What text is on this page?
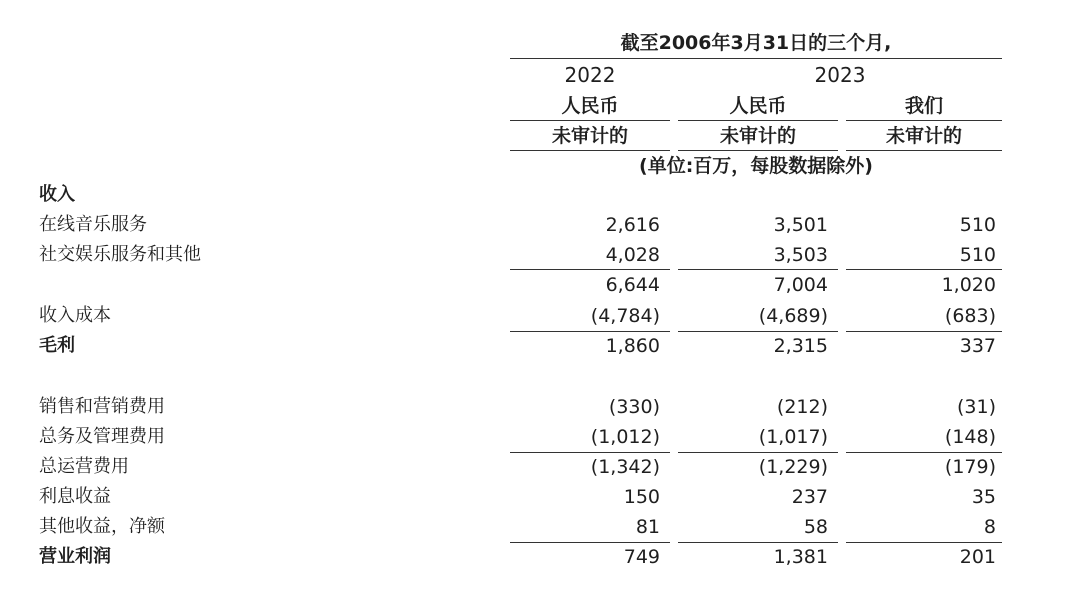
截至2006年3月31日的三个月,
2022	2023
人民币	人民币	我们
未审计的	未审计的	未审计的
(单位:百万，每股数据除外)
收入
在线音乐服务	2,616	3,501	510
社交娱乐服务和其他	4,028	3,503	510
6,644	7,004	1,020
收入成本	(4,784)	(4,689)	(683)
毛利	1,860	2,315	337
销售和营销费用	(330)	(212)	(31)
总务及管理费用	(1,012)	(1,017)	(148)
总运营费用	(1,342)	(1,229)	(179)
利息收益	150	237	35
其他收益，净额	81	58	8
营业利润	749	1,381	201
